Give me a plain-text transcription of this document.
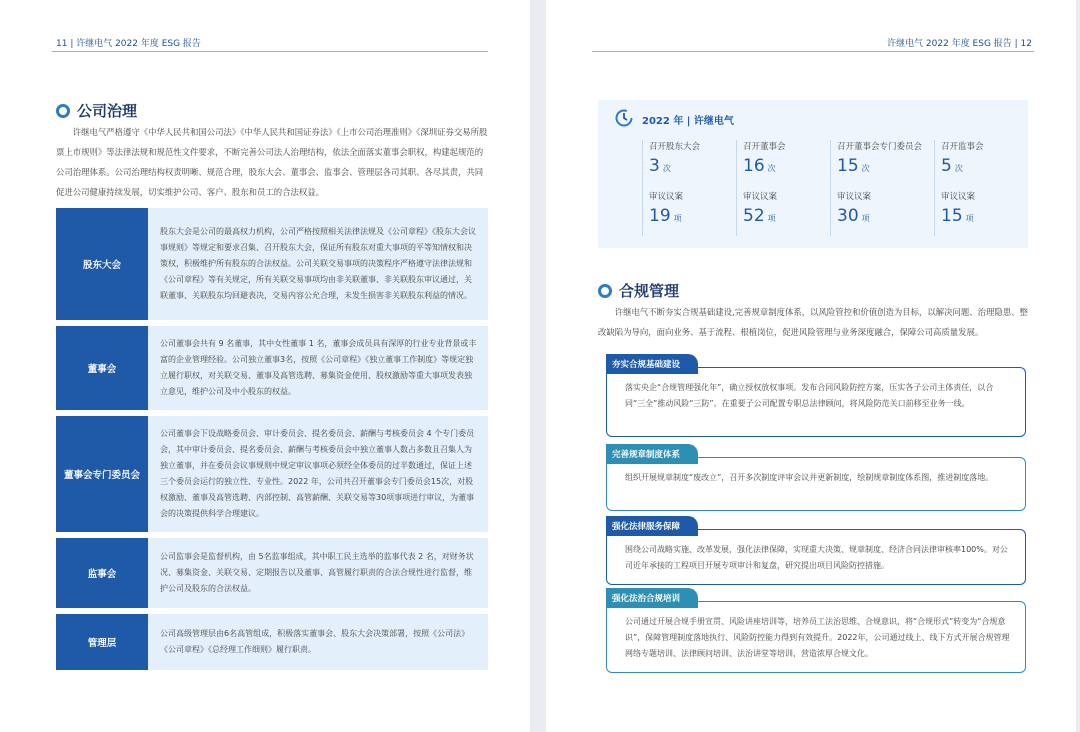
11 | 许继电气 2022 年度 ESG 报告
公司治理
许继电气严格遵守《中华人民共和国公司法》《中华人民共和国证券法》《上市公司治理准则》《深圳证券交易所股票上市规则》等法律法规和规范性文件要求，不断完善公司法人治理结构，依法全面落实董事会职权，构建起规范的公司治理体系。公司治理结构权责明晰、规范合理，股东大会、董事会、监事会、管理层各司其职、各尽其责，共同促进公司健康持续发展，切实维护公司、客户、股东和员工的合法权益。
股东大会
股东大会是公司的最高权力机构，公司严格按照相关法律法规及《公司章程》《股东大会议事规则》等规定和要求召集、召开股东大会，保证所有股东对重大事项的平等知情权和决策权，积极维护所有股东的合法权益。公司关联交易事项的决策程序严格遵守法律法规和《公司章程》等有关规定，所有关联交易事项均由非关联董事、非关联股东审议通过，关联董事、关联股东均回避表决，交易内容公允合理，未发生损害非关联股东利益的情况。
董事会
公司董事会共有 9 名董事，其中女性董事 1 名，董事会成员具有深厚的行业专业背景或丰富的企业管理经验。公司独立董事3名，按照《公司章程》《独立董事工作制度》等规定独立履行职权，对关联交易、董事及高管选聘、募集资金使用、股权激励等重大事项发表独立意见，维护公司及中小股东的权益。
董事会专门委员会
公司董事会下设战略委员会、审计委员会、提名委员会、薪酬与考核委员会 4 个专门委员会，其中审计委员会、提名委员会、薪酬与考核委员会中独立董事人数占多数且召集人为独立董事，并在委员会议事规则中规定审议事项必须经全体委员的过半数通过，保证上述三个委员会运行的独立性、专业性。2022 年，公司共召开董事会专门委员会15次，对股权激励、董事及高管选聘、内部控制、高管薪酬、关联交易等30项事项进行审议，为董事会的决策提供科学合理建议。
监事会
公司监事会是监督机构，由 5名监事组成，其中职工民主选举的监事代表 2 名，对财务状况、募集资金、关联交易、定期报告以及董事、高管履行职责的合法合规性进行监督，维护公司及股东的合法权益。
管理层
公司高级管理层由6名高管组成，积极落实董事会、股东大会决策部署，按照《公司法》《公司章程》《总经理工作细则》履行职责。
许继电气 2022 年度 ESG 报告 | 12
2022 年 | 许继电气
召开股东大会
3 次
审议议案
19 项
召开董事会
16 次
审议议案
52 项
召开董事会专门委员会
15 次
审议议案
30 项
召开监事会
5 次
审议议案
15 项
合规管理
许继电气不断夯实合规基础建设,完善规章制度体系，以风险管控和价值创造为目标，以解决问题、治理隐患、整改缺陷为导向，面向业务、基于流程、根植岗位，促进风险管理与业务深度融合，保障公司高质量发展。
夯实合规基础建设
落实央企“合规管理强化年”，确立授权放权事项。发布合同风险防控方案，压实各子公司主体责任，以合同“三全”推动风险“三防”。在重要子公司配置专职总法律顾问，将风险防范关口前移至业务一线。
完善规章制度体系
组织开展规章制度“废改立”，召开多次制度评审会议并更新制度，绘制规章制度体系图，推进制度落地。
强化法律服务保障
围绕公司战略实施、改革发展，强化法律保障，实现重大决策、规章制度、经济合同法律审核率100%。对公司近年承接的工程项目开展专项审计和复盘，研究提出项目风险防控措施。
强化法治合规培训
公司通过开展合规手册宣贯、风险讲座培训等，培养员工法治思维、合规意识，将“合规形式”转变为“合规意识”，保障管理制度落地执行、风险防控能力得到有效提升。2022年，公司通过线上、线下方式开展合规管理网络专题培训、法律顾问培训、法治讲堂等培训，营造浓厚合规文化。
